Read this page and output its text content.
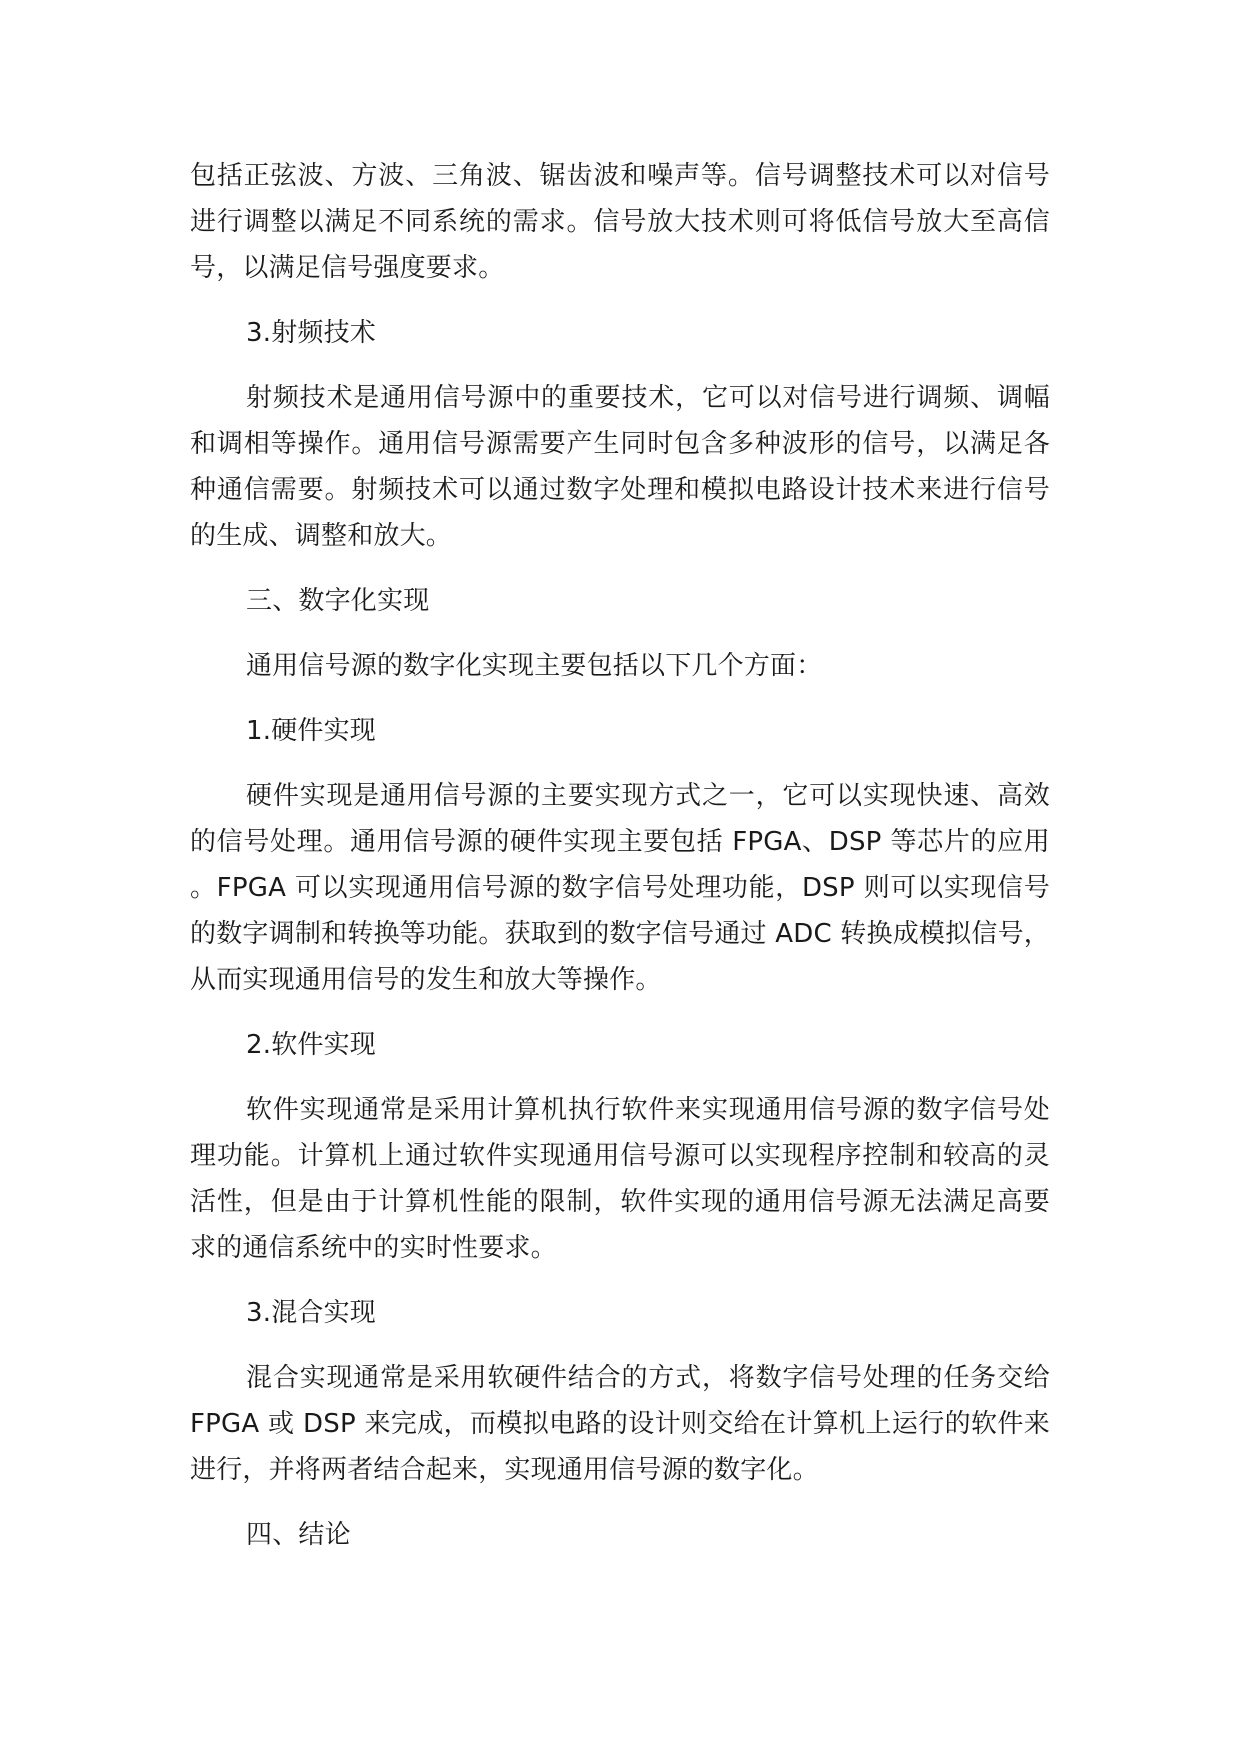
包括正弦波、方波、三角波、锯齿波和噪声等。信号调整技术可以对信号进行调整以满足不同系统的需求。信号放大技术则可将低信号放大至高信号，以满足信号强度要求。

3.射频技术

射频技术是通用信号源中的重要技术，它可以对信号进行调频、调幅和调相等操作。通用信号源需要产生同时包含多种波形的信号，以满足各种通信需要。射频技术可以通过数字处理和模拟电路设计技术来进行信号的生成、调整和放大。

三、数字化实现

通用信号源的数字化实现主要包括以下几个方面：

1.硬件实现

硬件实现是通用信号源的主要实现方式之一，它可以实现快速、高效的信号处理。通用信号源的硬件实现主要包括 FPGA、DSP 等芯片的应用。FPGA 可以实现通用信号源的数字信号处理功能，DSP 则可以实现信号的数字调制和转换等功能。获取到的数字信号通过 ADC 转换成模拟信号，从而实现通用信号的发生和放大等操作。

2.软件实现

软件实现通常是采用计算机执行软件来实现通用信号源的数字信号处理功能。计算机上通过软件实现通用信号源可以实现程序控制和较高的灵活性，但是由于计算机性能的限制，软件实现的通用信号源无法满足高要求的通信系统中的实时性要求。

3.混合实现

混合实现通常是采用软硬件结合的方式，将数字信号处理的任务交给 FPGA 或 DSP 来完成，而模拟电路的设计则交给在计算机上运行的软件来进行，并将两者结合起来，实现通用信号源的数字化。

四、结论
